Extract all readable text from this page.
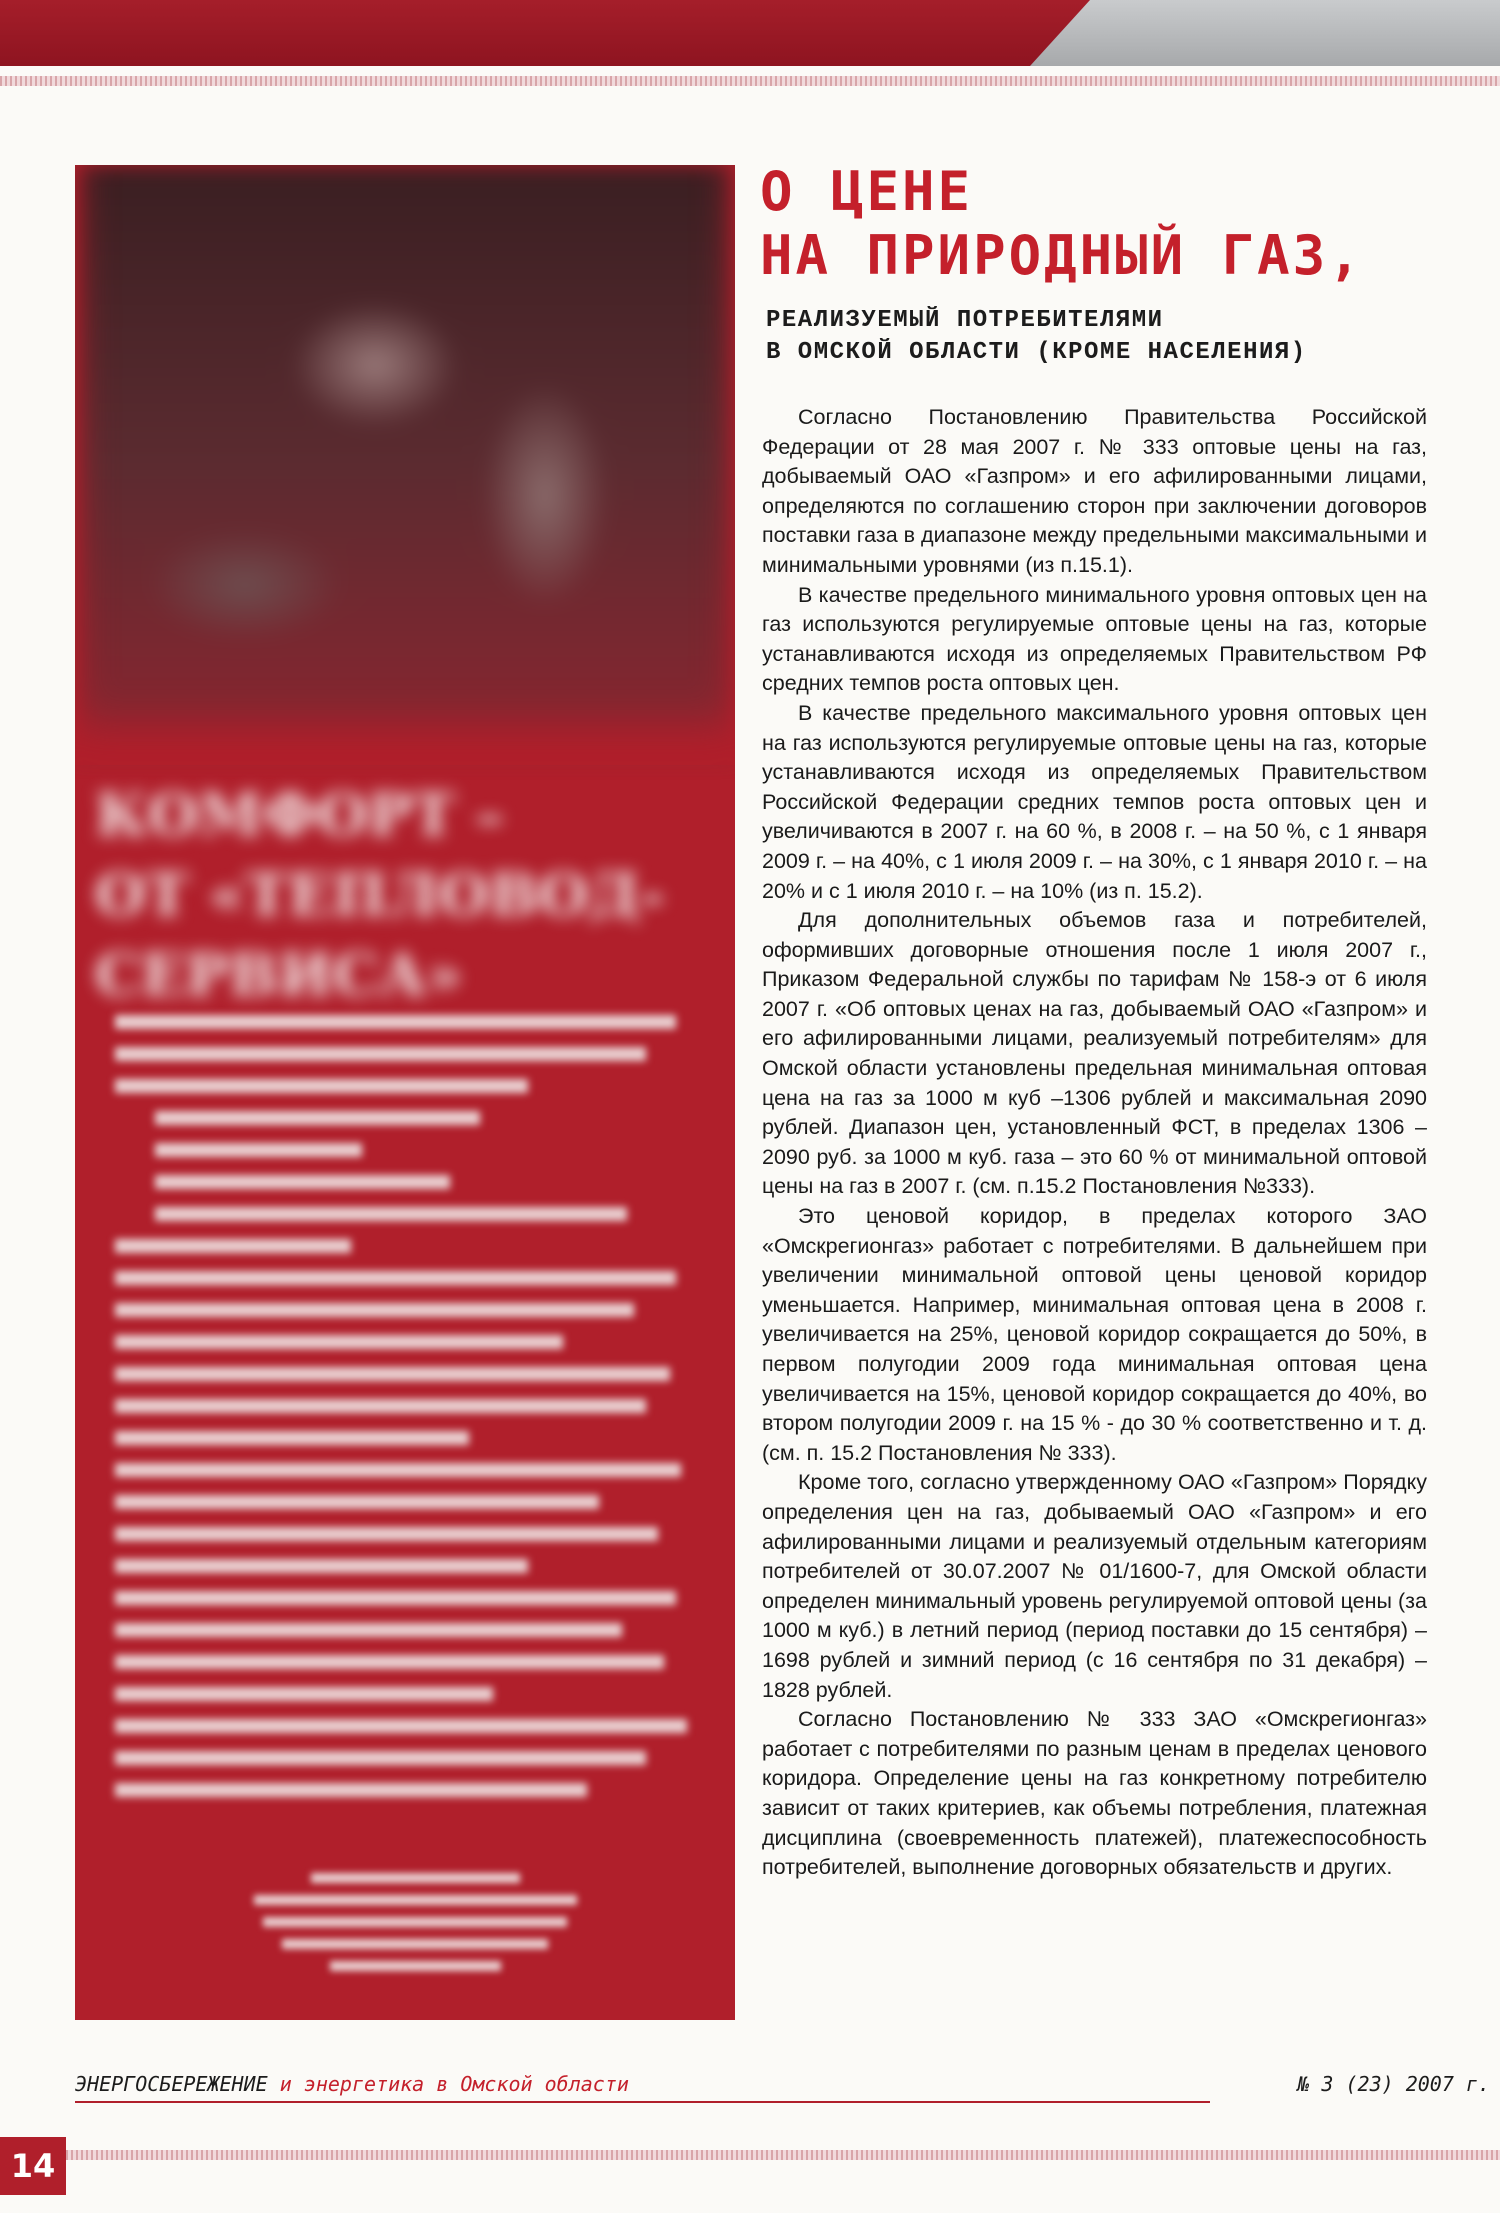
КОМФОРТ –
ОТ «ТЕПЛОВОД-
СЕРВИСА»
О ЦЕНЕ
НА ПРИРОДНЫЙ ГАЗ,
РЕАЛИЗУЕМЫЙ ПОТРЕБИТЕЛЯМИ
В ОМСКОЙ ОБЛАСТИ (КРОМЕ НАСЕЛЕНИЯ)

Согласно Постановлению Правительства Российской Федерации от 28 мая 2007 г. № 333 оптовые цены на газ, добываемый ОАО «Газпром» и его афилированными лицами, определяются по соглашению сторон при заключении договоров поставки газа в диапазоне между предельными максимальными и минимальными уровнями (из п.15.1).

В качестве предельного минимального уровня оптовых цен на газ используются регулируемые оптовые цены на газ, которые устанавливаются исходя из определяемых Правительством РФ средних темпов роста оптовых цен.

В качестве предельного максимального уровня оптовых цен на газ используются регулируемые оптовые цены на газ, которые устанавливаются исходя из определяемых Правительством Российской Федерации средних темпов роста оптовых цен и увеличиваются в 2007 г. на 60 %, в 2008 г. – на 50 %, с 1 января 2009 г. – на 40%, с 1 июля 2009 г. – на 30%, с 1 января 2010 г. – на 20% и с 1 июля 2010 г. – на 10% (из п. 15.2).

Для дополнительных объемов газа и потребителей, оформивших договорные отношения после 1 июля 2007 г., Приказом Федеральной службы по тарифам № 158-э от 6 июля 2007 г. «Об оптовых ценах на газ, добываемый ОАО «Газпром» и его афилированными лицами, реализуемый потребителям» для Омской области установлены предельная минимальная оптовая цена на газ за 1000 м куб –1306 рублей и максимальная 2090 рублей. Диапазон цен, установленный ФСТ, в пределах 1306 – 2090 руб. за 1000 м куб. газа – это 60 % от минимальной оптовой цены на газ в 2007 г. (см. п.15.2 Постановления №333).

Это ценовой коридор, в пределах которого ЗАО «Омскрегионгаз» работает с потребителями. В дальнейшем при увеличении минимальной оптовой цены ценовой коридор уменьшается. Например, минимальная оптовая цена в 2008 г. увеличивается на 25%, ценовой коридор сокращается до 50%, в первом полугодии 2009 года минимальная оптовая цена увеличивается на 15%, ценовой коридор сокращается до 40%, во втором полугодии 2009 г. на 15 % - до 30 % соответственно и т. д. (см. п. 15.2 Постановления № 333).

Кроме того, согласно утвержденному ОАО «Газпром» Порядку определения цен на газ, добываемый ОАО «Газпром» и его афилированными лицами и реализуемый отдельным категориям потребителей от 30.07.2007 № 01/1600-7, для Омской области определен минимальный уровень регулируемой оптовой цены (за 1000 м куб.) в летний период (период поставки до 15 сентября) – 1698 рублей и зимний период (с 16 сентября по 31 декабря) – 1828 рублей.

Согласно Постановлению № 333 ЗАО «Омскрегионгаз» работает с потребителями по разным ценам в пределах ценового коридора. Определение цены на газ конкретному потребителю зависит от таких критериев, как объемы потребления, платежная дисциплина (своевременность платежей), платежеспособность потребителей, выполнение договорных обязательств и других.

ЭНЕРГОСБЕРЕЖЕНИЕ и энергетика в Омской области	№ 3 (23) 2007 г.
14
